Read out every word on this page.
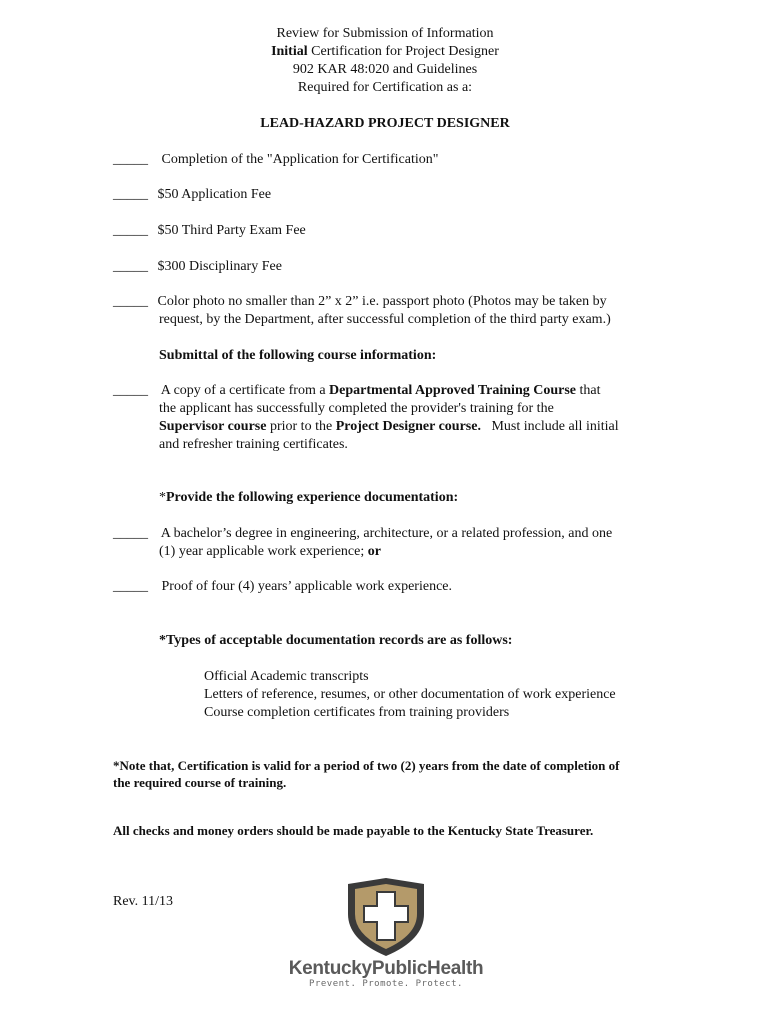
Review for Submission of Information
Initial Certification for Project Designer
902 KAR 48:020 and Guidelines
Required for Certification as a:
LEAD-HAZARD PROJECT DESIGNER
_____ Completion of the "Application for Certification"
_____ $50 Application Fee
_____ $50 Third Party Exam Fee
_____ $300 Disciplinary Fee
_____ Color photo no smaller than 2” x 2” i.e. passport photo (Photos may be taken by
request, by the Department, after successful completion of the third party exam.)
Submittal of the following course information:
_____ A copy of a certificate from a Departmental Approved Training Course that
the applicant has successfully completed the provider's training for the
Supervisor course prior to the Project Designer course.   Must include all initial
and refresher training certificates.
*Provide the following experience documentation:
_____ A bachelor’s degree in engineering, architecture, or a related profession, and one
(1) year applicable work experience; or
_____ Proof of four (4) years’ applicable work experience.
*Types of acceptable documentation records are as follows:
Official Academic transcripts
Letters of reference, resumes, or other documentation of work experience
Course completion certificates from training providers
*Note that, Certification is valid for a period of two (2) years from the date of completion of
the required course of training.
All checks and money orders should be made payable to the Kentucky State Treasurer.
Rev. 11/13
KentuckyPublicHealth
Prevent. Promote. Protect.
